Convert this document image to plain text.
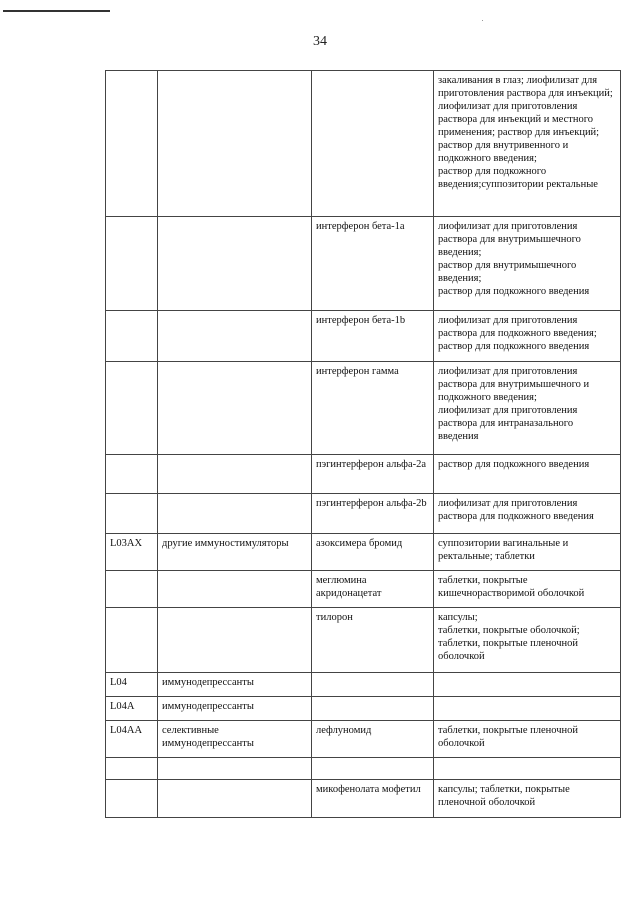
34
			закаливания в глаз; лиофилизат для приготовления раствора для инъекций; лиофилизат для приготовления раствора для инъекций и местного применения; раствор для инъекций; раствор для внутривенного и подкожного введения;
раствор для подкожного введения;суппозитории ректальные
		интерферон бета-1а	лиофилизат для приготовления раствора для внутримышечного введения;
раствор для внутримышечного введения;
раствор для подкожного введения
		интерферон бета-1b	лиофилизат для приготовления раствора для подкожного введения;
раствор для подкожного введения
		интерферон гамма	лиофилизат для приготовления раствора для внутримышечного и подкожного введения;
лиофилизат для приготовления раствора для интраназального введения
		пэгинтерферон альфа-2а	раствор для подкожного введения
		пэгинтерферон альфа-2b	лиофилизат для приготовления раствора для подкожного введения
L03AX	другие иммуностимуляторы	азоксимера бромид	суппозитории вагинальные и ректальные; таблетки
		меглюмина акридонацетат	таблетки, покрытые кишечнорастворимой оболочкой
		тилорон	капсулы;
таблетки, покрытые оболочкой;
таблетки, покрытые пленочной оболочкой
L04	иммунодепрессанты		
L04A	иммунодепрессанты		
L04AA	селективные иммунодепрессанты	лефлуномид	таблетки, покрытые пленочной оболочкой

		микофенолата мофетил	капсулы; таблетки, покрытые пленочной оболочкой
